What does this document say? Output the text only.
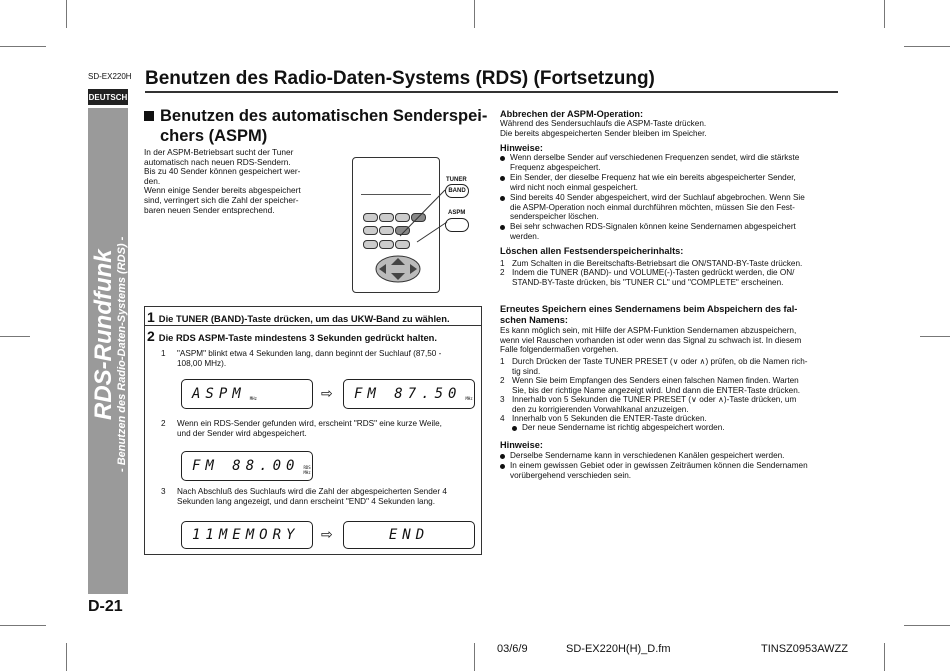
SD-EX220H
DEUTSCH
RDS-Rundfunk - Benutzen des Radio-Daten-Systems (RDS) -
D-21
Benutzen des Radio-Daten-Systems (RDS) (Fortsetzung)
Benutzen des automatischen Senderspei-
chers (ASPM)
In der ASPM-Betriebsart sucht der Tuner
automatisch nach neuen RDS-Sendern.
Bis zu 40 Sender können gespeichert wer-
den.
Wenn einige Sender bereits abgespeichert
sind, verringert sich die Zahl der speicher-
baren neuen Sender entsprechend.
TUNER
BAND
ASPM
1 Die TUNER (BAND)-Taste drücken, um das UKW-Band zu wählen.
2 Die RDS ASPM-Taste mindestens 3 Sekunden gedrückt halten.
1 "ASPM" blinkt etwa 4 Sekunden lang, dann beginnt der Suchlauf (87,50 -
108,00 MHz).
ASPM MHz	⇨ FM 87.50 MHz
2 Wenn ein RDS-Sender gefunden wird, erscheint "RDS" eine kurze Weile,
und der Sender wird abgespeichert.
FM 88.00 RDS
MHz
3 Nach Abschluß des Suchlaufs wird die Zahl der abgespeicherten Sender 4
Sekunden lang angezeigt, und dann erscheint "END" 4 Sekunden lang.
11MEMORY ⇨	END
Abbrechen der ASPM-Operation:
Während des Sendersuchlaufs die ASPM-Taste drücken.
Die bereits abgespeicherten Sender bleiben im Speicher.
Hinweise:
Wenn derselbe Sender auf verschiedenen Frequenzen sendet, wird die stärkste
Frequenz abgespeichert.
Ein Sender, der dieselbe Frequenz hat wie ein bereits abgespeicherter Sender,
wird nicht noch einmal gespeichert.
Sind bereits 40 Sender abgespeichert, wird der Suchlauf abgebrochen. Wenn Sie
die ASPM-Operation noch einmal durchführen möchten, müssen Sie den Fest-
senderspeicher löschen.
Bei sehr schwachen RDS-Signalen können keine Sendernamen abgespeichert
werden.
Löschen allen Festsenderspeicherinhalts:
1 Zum Schalten in die Bereitschafts-Betriebsart die ON/STAND-BY-Taste drücken.
2 Indem die TUNER (BAND)- und VOLUME(-)-Tasten gedrückt werden, die ON/
STAND-BY-Taste drücken, bis "TUNER CL" und "COMPLETE" erscheinen.
Erneutes Speichern eines Sendernamens beim Abspeichern des fal-
schen Namens:
Es kann möglich sein, mit Hilfe der ASPM-Funktion Sendernamen abzuspeichern,
wenn viel Rauschen vorhanden ist oder wenn das Signal zu schwach ist. In diesem
Falle folgendermaßen vorgehen.
1 Durch Drücken der Taste TUNER PRESET (∨ oder ∧) prüfen, ob die Namen rich-
tig sind.
2 Wenn Sie beim Empfangen des Senders einen falschen Namen finden. Warten
Sie, bis der richtige Name angezeigt wird. Und dann die ENTER-Taste drücken.
3 Innerhalb von 5 Sekunden die TUNER PRESET (∨ oder ∧)-Taste drücken, um
den zu korrigierenden Vorwahlkanal anzuzeigen.
4 Innerhalb von 5 Sekunden die ENTER-Taste drücken.
Der neue Sendername ist richtig abgespeichert worden.
Hinweise:
Derselbe Sendername kann in verschiedenen Kanälen gespeichert werden.
In einem gewissen Gebiet oder in gewissen Zeiträumen können die Sendernamen
vorübergehend verschieden sein.
03/6/9	SD-EX220H(H)_D.fm	TINSZ0953AWZZ
